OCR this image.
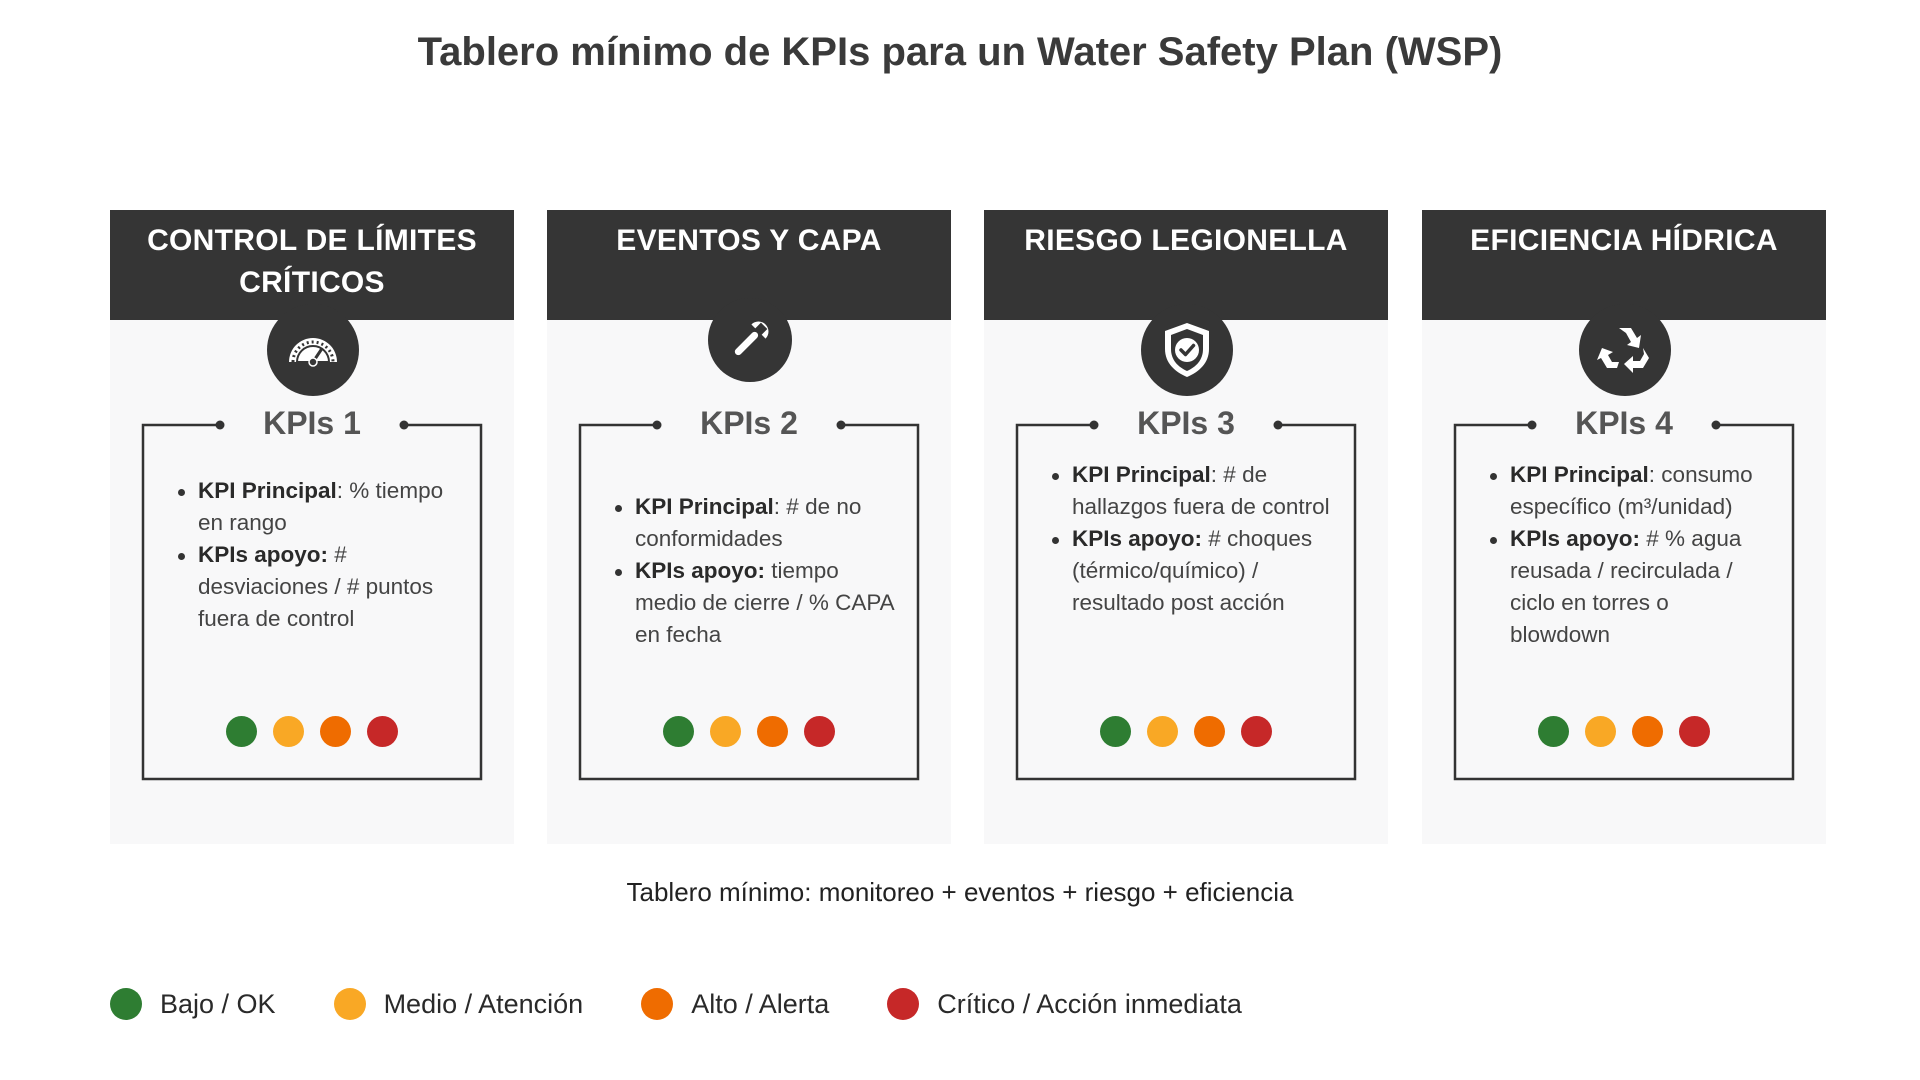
Tablero mínimo de KPIs para un Water Safety Plan (WSP)
CONTROL DE LÍMITES
CRÍTICOS
KPIs 1
KPI Principal: % tiempo en rango
KPIs apoyo: # desviaciones / # puntos fuera de control
EVENTOS Y CAPA
KPIs 2
KPI Principal: # de no conformidades
KPIs apoyo: tiempo medio de cierre / % CAPA en fecha
RIESGO LEGIONELLA
KPIs 3
KPI Principal: # de hallazgos fuera de control
KPIs apoyo: # choques (térmico/químico) / resultado post acción
EFICIENCIA HÍDRICA
KPIs 4
KPI Principal: consumo específico (m³/unidad)
KPIs apoyo: # % agua reusada / recirculada / ciclo en torres o blowdown
Tablero mínimo: monitoreo + eventos + riesgo + eficiencia
Bajo / OK	Medio / Atención	Alto / Alerta	Crítico / Acción inmediata
